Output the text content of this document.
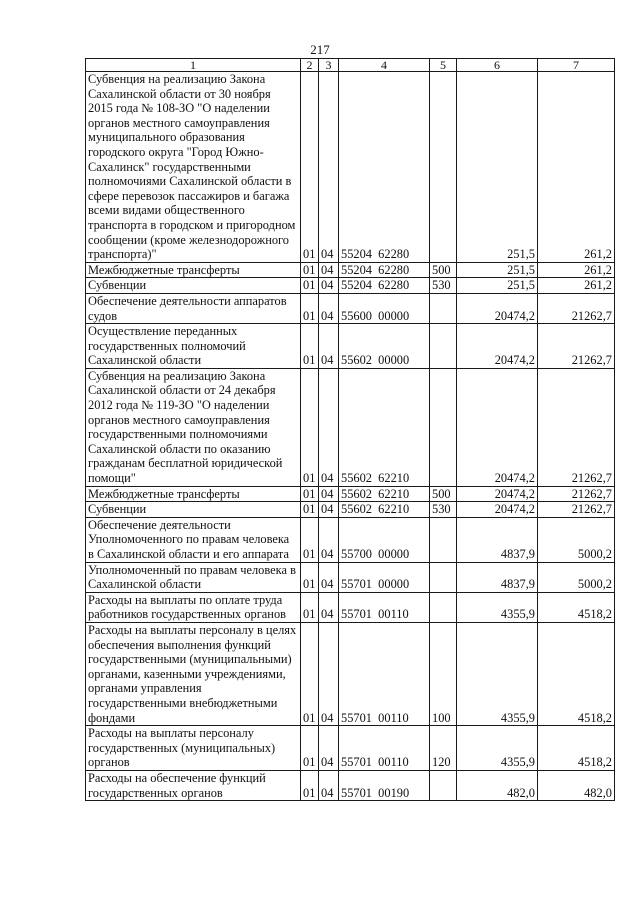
217
1	2	3	4	5	6	7
Субвенция на реализацию Закона Сахалинской области от 30 ноября 2015 года № 108-ЗО "О наделении органов местного самоуправления муниципального образования городского округа "Город Южно-Сахалинск" государственными полномочиями Сахалинской области в сфере перевозок пассажиров и багажа всеми видами общественного транспорта в городском и пригородном сообщении (кроме железнодорожного транспорта)"	01	04	55204  62280		251,5	261,2
Межбюджетные трансферты	01	04	55204  62280	500	251,5	261,2
Субвенции	01	04	55204  62280	530	251,5	261,2
Обеспечение деятельности аппаратов судов	01	04	55600  00000		20474,2	21262,7
Осуществление переданных государственных полномочий Сахалинской области	01	04	55602  00000		20474,2	21262,7
Субвенция на реализацию Закона Сахалинской области от 24 декабря 2012 года № 119-ЗО "О наделении органов местного самоуправления государственными полномочиями Сахалинской области по оказанию гражданам бесплатной юридической помощи"	01	04	55602  62210		20474,2	21262,7
Межбюджетные трансферты	01	04	55602  62210	500	20474,2	21262,7
Субвенции	01	04	55602  62210	530	20474,2	21262,7
Обеспечение деятельности Уполномоченного по правам человека в Сахалинской области и его аппарата	01	04	55700  00000		4837,9	5000,2
Уполномоченный по правам человека в Сахалинской области	01	04	55701  00000		4837,9	5000,2
Расходы на выплаты по оплате труда работников государственных органов	01	04	55701  00110		4355,9	4518,2
Расходы на выплаты персоналу в целях обеспечения выполнения функций государственными (муниципальными) органами, казенными учреждениями, органами управления государственными внебюджетными фондами	01	04	55701  00110	100	4355,9	4518,2
Расходы на выплаты персоналу государственных (муниципальных) органов	01	04	55701  00110	120	4355,9	4518,2
Расходы на обеспечение функций государственных органов	01	04	55701  00190		482,0	482,0
